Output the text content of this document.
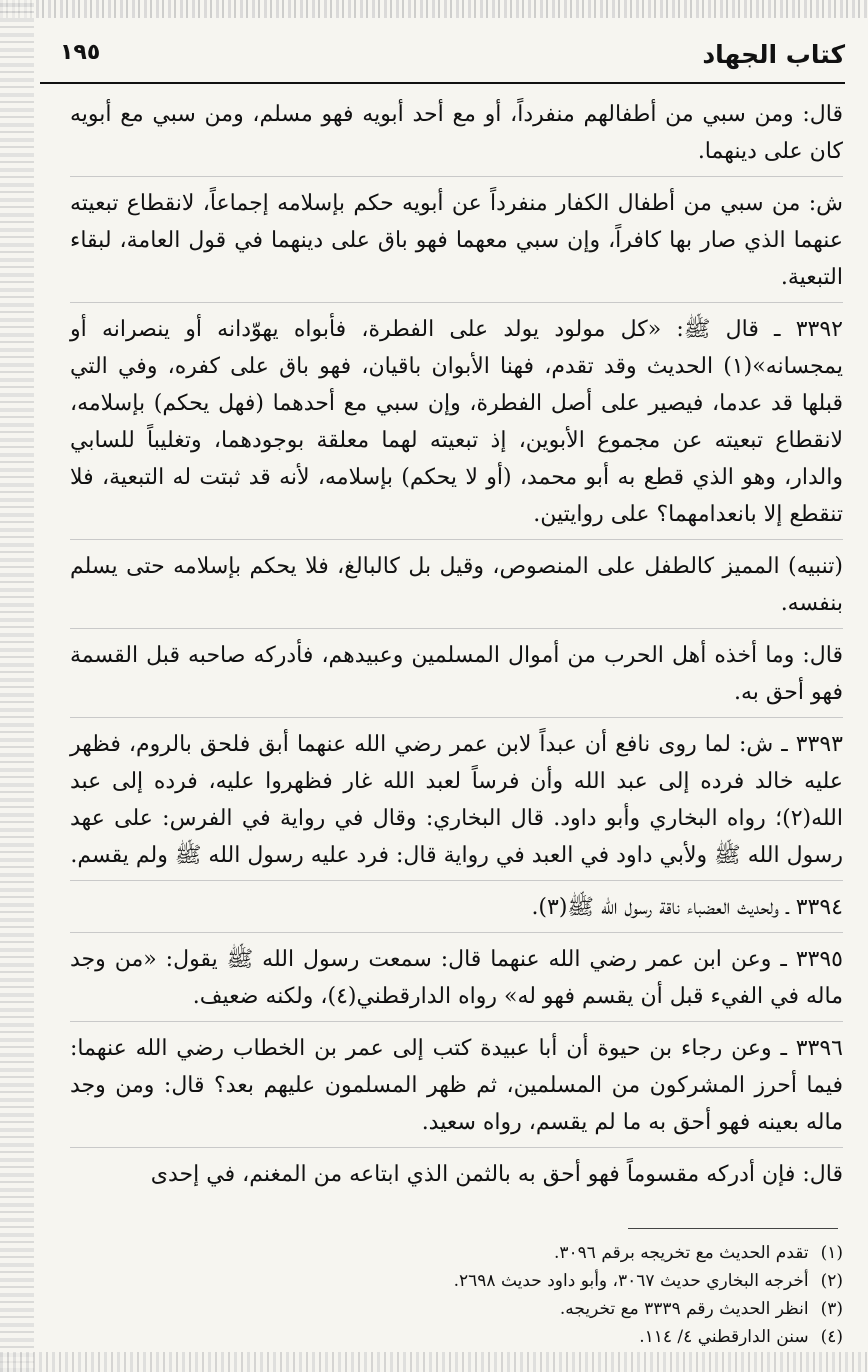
كتاب الجهاد
١٩٥

قال: ومن سبي من أطفالهم منفرداً، أو مع أحد أبويه فهو مسلم، ومن سبي مع أبويه كان على دينهما.

ش: من سبي من أطفال الكفار منفرداً عن أبويه حكم بإسلامه إجماعاً، لانقطاع تبعيته عنهما الذي صار بها كافراً، وإن سبي معهما فهو باق على دينهما في قول العامة، لبقاء التبعية.

٣٣٩٢ ـ قال ﷺ: «كل مولود يولد على الفطرة، فأبواه يهوّدانه أو ينصرانه أو يمجسانه»(١) الحديث وقد تقدم، فهنا الأبوان باقيان، فهو باق على كفره، وفي التي قبلها قد عدما، فيصير على أصل الفطرة، وإن سبي مع أحدهما (فهل يحكم) بإسلامه، لانقطاع تبعيته عن مجموع الأبوين، إذ تبعيته لهما معلقة بوجودهما، وتغليباً للسابي والدار، وهو الذي قطع به أبو محمد، (أو لا يحكم) بإسلامه، لأنه قد ثبتت له التبعية، فلا تنقطع إلا بانعدامهما؟ على روايتين.

(تنبيه) المميز كالطفل على المنصوص، وقيل بل كالبالغ، فلا يحكم بإسلامه حتى يسلم بنفسه.

قال: وما أخذه أهل الحرب من أموال المسلمين وعبيدهم، فأدركه صاحبه قبل القسمة فهو أحق به.

٣٣٩٣ ـ ش: لما روى نافع أن عبداً لابن عمر رضي الله عنهما أبق فلحق بالروم، فظهر عليه خالد فرده إلى عبد الله وأن فرساً لعبد الله غار فظهروا عليه، فرده إلى عبد الله(٢)؛ رواه البخاري وأبو داود. قال البخاري: وقال في رواية في الفرس: على عهد رسول الله ﷺ ولأبي داود في العبد في رواية قال: فرد عليه رسول الله ﷺ ولم يقسم.

٣٣٩٤ ـ ولحديث العضباء ناقة رسول الله ﷺ(٣).

٣٣٩٥ ـ وعن ابن عمر رضي الله عنهما قال: سمعت رسول الله ﷺ يقول: «من وجد ماله في الفيء قبل أن يقسم فهو له» رواه الدارقطني(٤)، ولكنه ضعيف.

٣٣٩٦ ـ وعن رجاء بن حيوة أن أبا عبيدة كتب إلى عمر بن الخطاب رضي الله عنهما: فيما أحرز المشركون من المسلمين، ثم ظهر المسلمون عليهم بعد؟ قال: ومن وجد ماله بعينه فهو أحق به ما لم يقسم، رواه سعيد.

قال: فإن أدركه مقسوماً فهو أحق به بالثمن الذي ابتاعه من المغنم، في إحدى

(١)تقدم الحديث مع تخريجه برقم ٣٠٩٦.

(٢)أخرجه البخاري حديث ٣٠٦٧، وأبو داود حديث ٢٦٩٨.

(٣)انظر الحديث رقم ٣٣٣٩ مع تخريجه.

(٤)سنن الدارقطني ٤/ ١١٤.
